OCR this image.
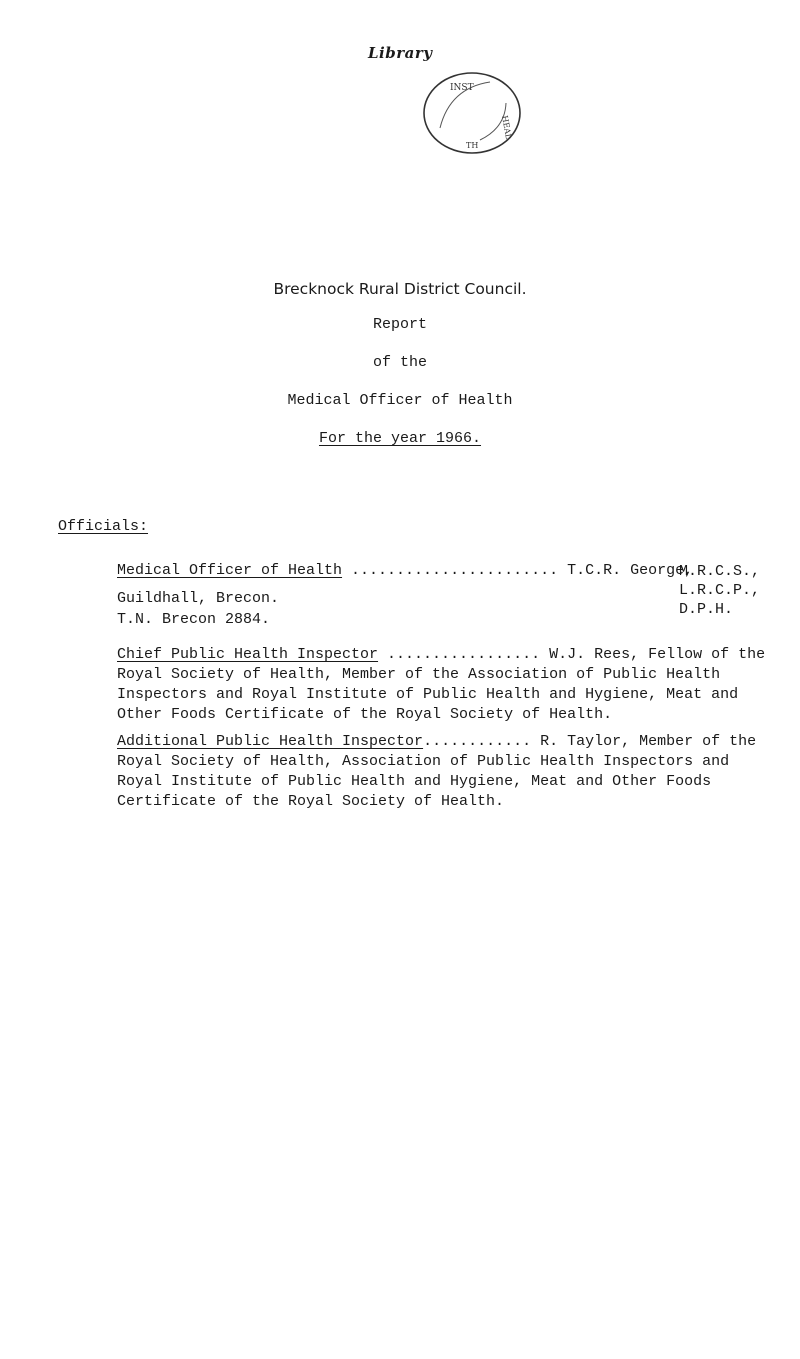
Library
INST
HEAL
TH
Brecknock Rural District Council.
Report
of the
Medical Officer of Health
For the year 1966.
Officials:
Medical Officer of Health ....................... T.C.R. George,
M.R.C.S.,
L.R.C.P.,
D.P.H.
Guildhall, Brecon.
T.N. Brecon 2884.
Chief Public Health Inspector ................. W.J. Rees, Fellow of the
Royal Society of Health, Member of the Association of Public Health
Inspectors and Royal Institute of Public Health and Hygiene, Meat and
Other Foods Certificate of the Royal Society of Health.
Additional Public Health Inspector............ R. Taylor, Member of the
Royal Society of Health, Association of Public Health Inspectors and
Royal Institute of Public Health and Hygiene, Meat and Other Foods
Certificate of the Royal Society of Health.
